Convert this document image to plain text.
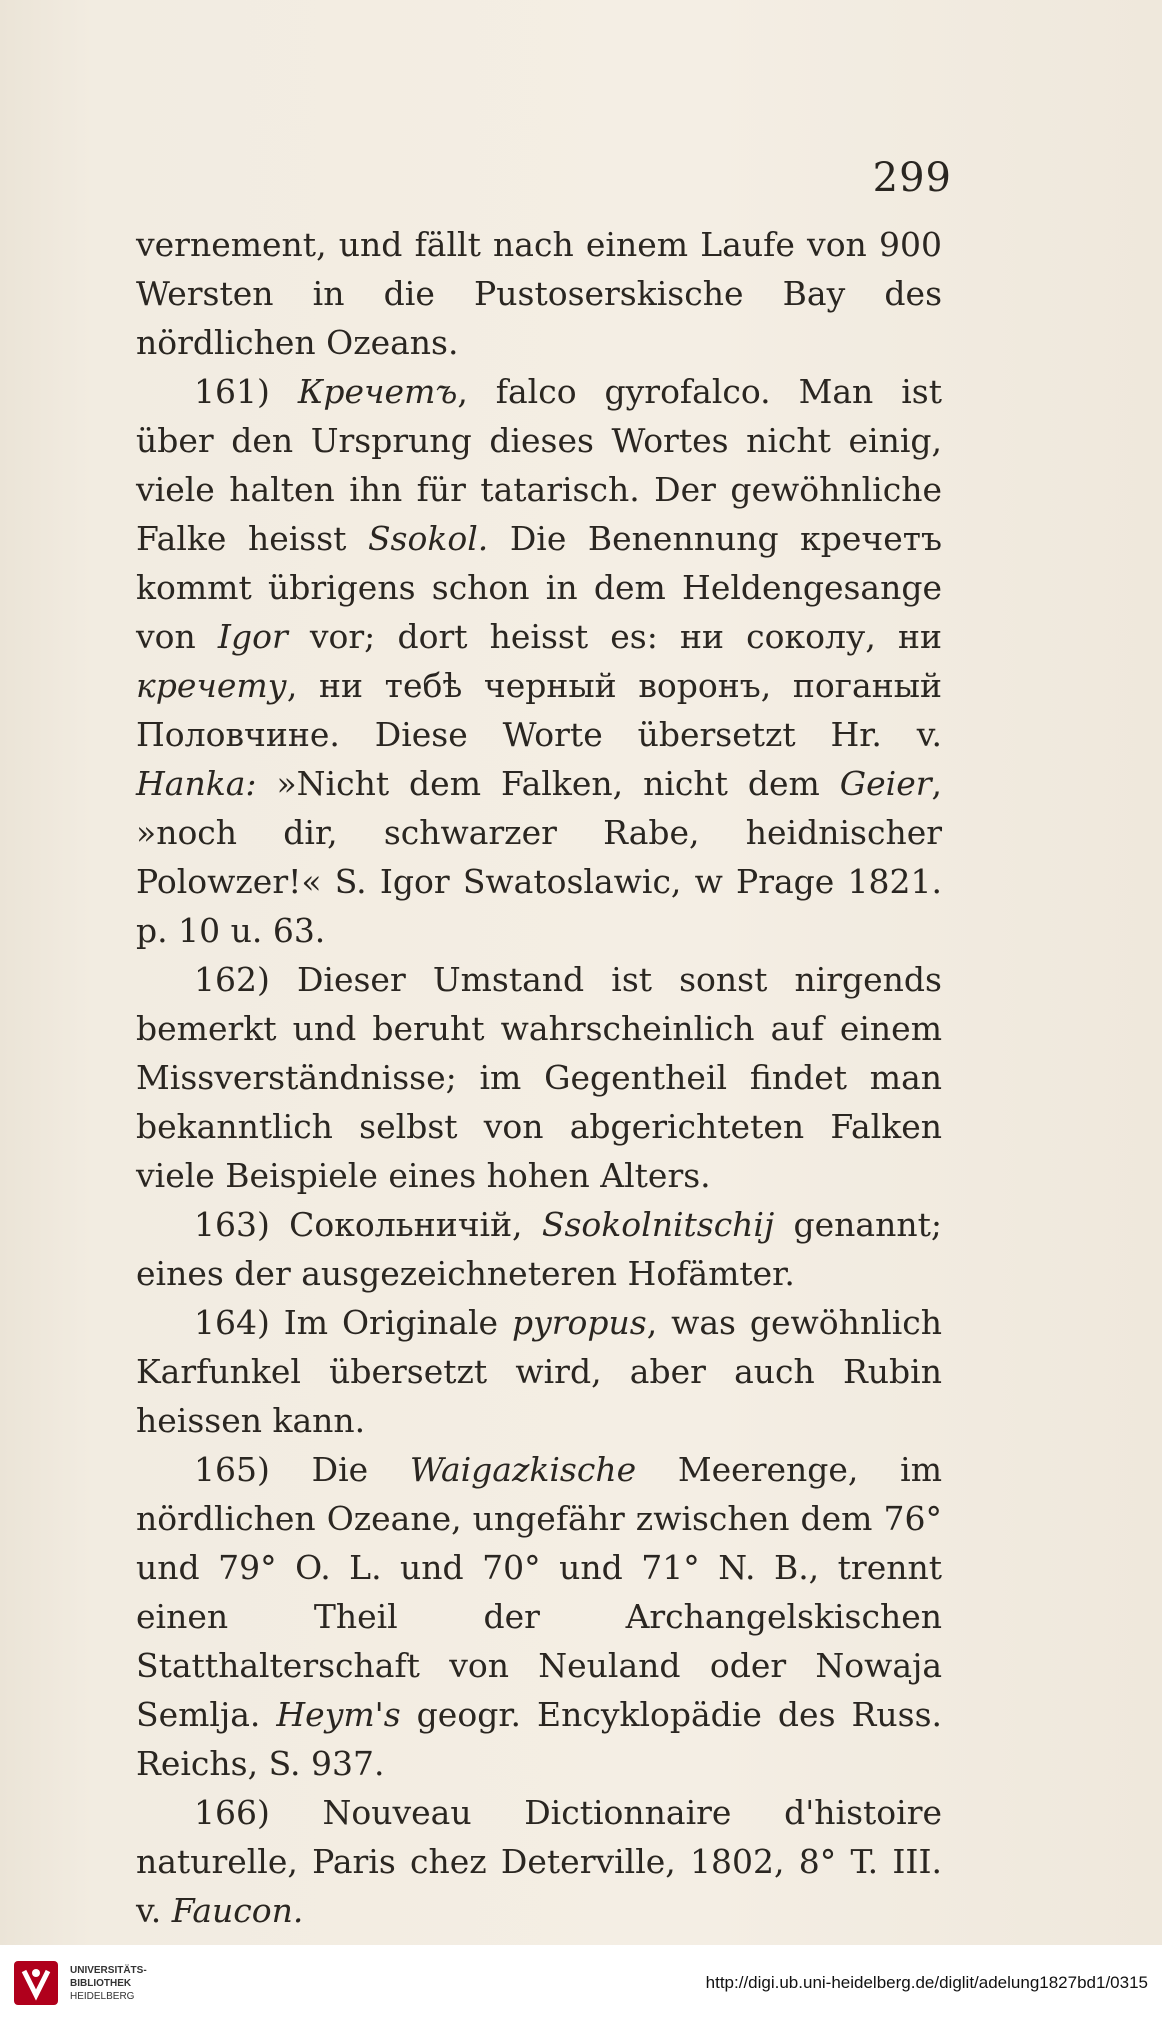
299

vernement, und fällt nach einem Laufe von 900 Wersten in die Pustoserskische Bay des nördlichen Ozeans.

161) Кречетъ, falco gyrofalco. Man ist über den Ursprung dieses Wortes nicht einig, viele halten ihn für tatarisch. Der gewöhnliche Falke heisst Ssokol. Die Benennung кречетъ kommt übrigens schon in dem Heldengesange von Igor vor; dort heisst es: ни соколу, ни кречету, ни тебѣ черный воронъ, поганый Половчине. Diese Worte übersetzt Hr. v. Hanka: »Nicht dem Falken, nicht dem Geier, »noch dir, schwarzer Rabe, heidnischer Polowzer!« S. Igor Swatoslawic, w Prage 1821. p. 10 u. 63.

162) Dieser Umstand ist sonst nirgends bemerkt und beruht wahrscheinlich auf einem Missverständnisse; im Gegentheil findet man bekanntlich selbst von abgerichteten Falken viele Beispiele eines hohen Alters.

163) Сокольничій, Ssokolnitschij genannt; eines der ausgezeichneteren Hofämter.

164) Im Originale pyropus, was gewöhnlich Karfunkel übersetzt wird, aber auch Rubin heissen kann.

165) Die Waigazkische Meerenge, im nördlichen Ozeane, ungefähr zwischen dem 76° und 79° O. L. und 70° und 71° N. B., trennt einen Theil der Archangelskischen Statthalterschaft von Neuland oder Nowaja Semlja. Heym's geogr. Encyklopädie des Russ. Reichs, S. 937.

166) Nouveau Dictionnaire d'histoire naturelle, Paris chez Deterville, 1802, 8° T. III. v. Faucon.

UNIVERSITÄTS-
BIBLIOTHEK
HEIDELBERG
http://digi.ub.uni-heidelberg.de/diglit/adelung1827bd1/0315
